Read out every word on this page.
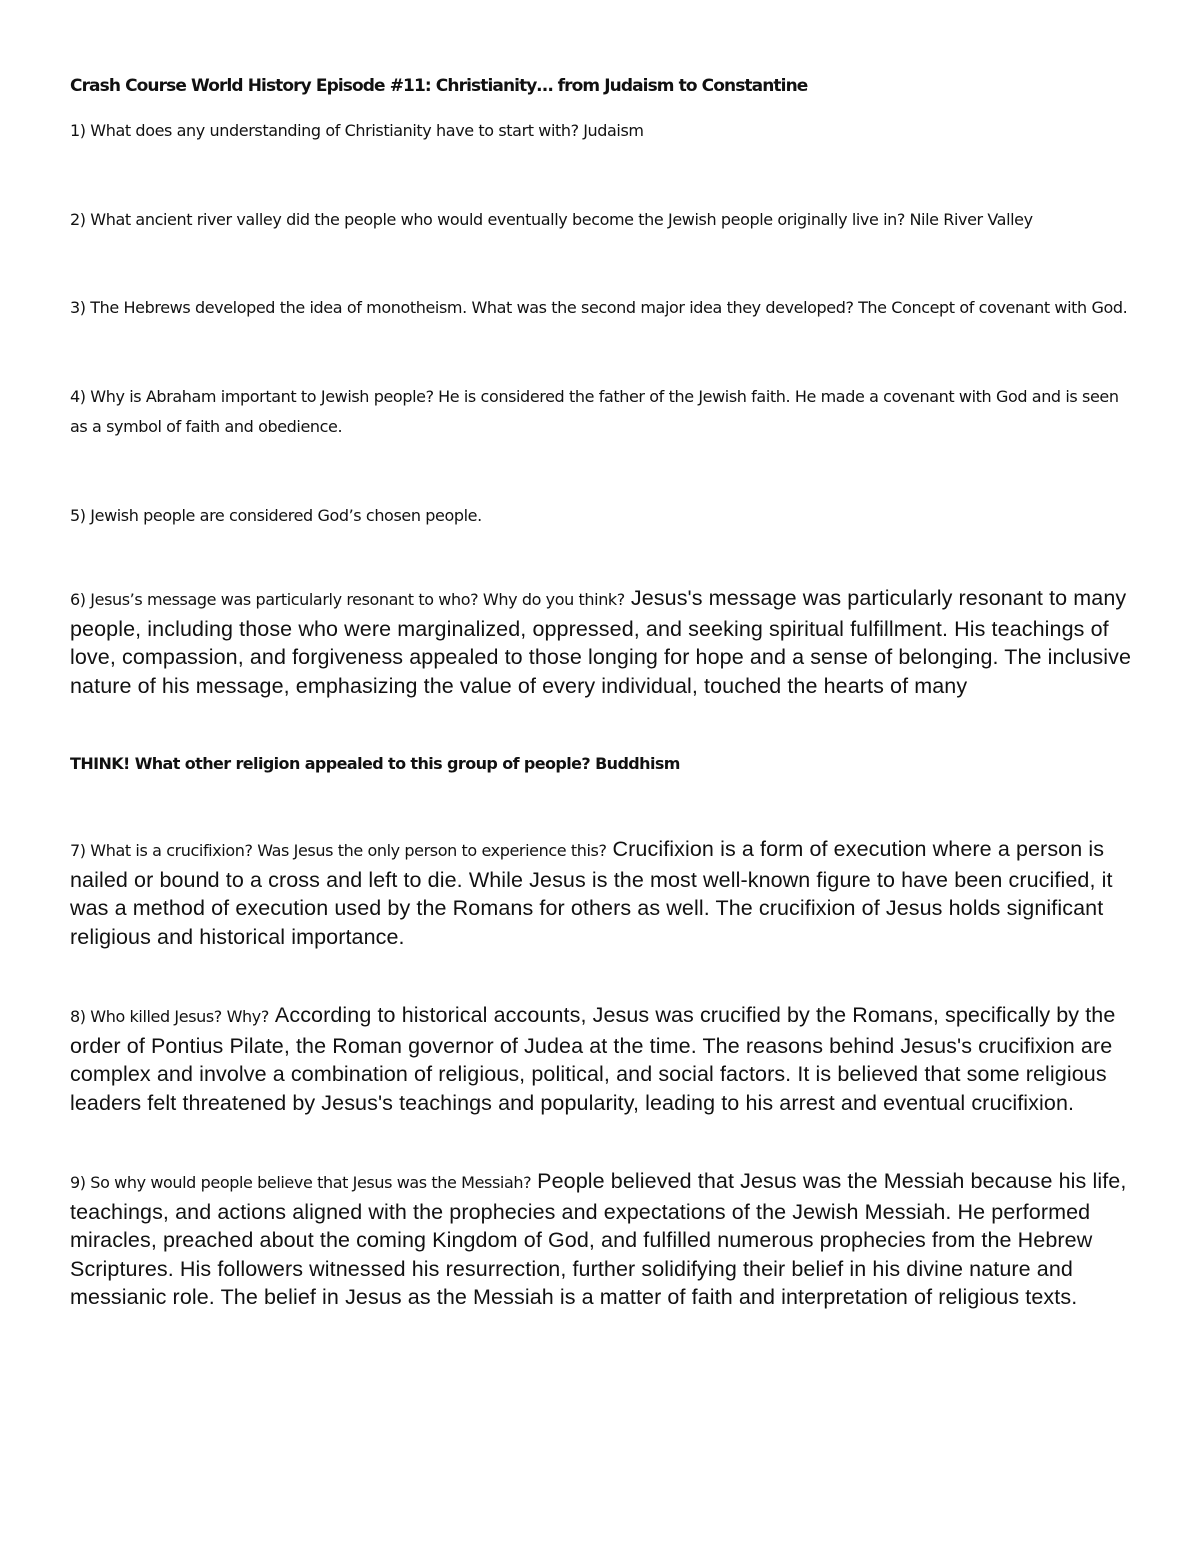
Crash Course World History Episode #11: Christianity… from Judaism to Constantine

1) What does any understanding of Christianity have to start with? Judaism

2) What ancient river valley did the people who would eventually become the Jewish people originally live in? Nile River Valley

3) The Hebrews developed the idea of monotheism. What was the second major idea they developed? The Concept of covenant with God.

4) Why is Abraham important to Jewish people? He is considered the father of the Jewish faith. He made a covenant with God and is seen as a symbol of faith and obedience.

5) Jewish people are considered God’s chosen people.

6) Jesus’s message was particularly resonant to who? Why do you think? Jesus's message was particularly resonant to many people, including those who were marginalized, oppressed, and seeking spiritual fulfillment. His teachings of love, compassion, and forgiveness appealed to those longing for hope and a sense of belonging. The inclusive nature of his message, emphasizing the value of every individual, touched the hearts of many

THINK! What other religion appealed to this group of people? Buddhism

7) What is a crucifixion? Was Jesus the only person to experience this? Crucifixion is a form of execution where a person is nailed or bound to a cross and left to die. While Jesus is the most well-known figure to have been crucified, it was a method of execution used by the Romans for others as well. The crucifixion of Jesus holds significant religious and historical importance.

8) Who killed Jesus? Why? According to historical accounts, Jesus was crucified by the Romans, specifically by the order of Pontius Pilate, the Roman governor of Judea at the time. The reasons behind Jesus's crucifixion are complex and involve a combination of religious, political, and social factors. It is believed that some religious leaders felt threatened by Jesus's teachings and popularity, leading to his arrest and eventual crucifixion.

9) So why would people believe that Jesus was the Messiah? People believed that Jesus was the Messiah because his life, teachings, and actions aligned with the prophecies and expectations of the Jewish Messiah. He performed miracles, preached about the coming Kingdom of God, and fulfilled numerous prophecies from the Hebrew Scriptures. His followers witnessed his resurrection, further solidifying their belief in his divine nature and messianic role. The belief in Jesus as the Messiah is a matter of faith and interpretation of religious texts.
